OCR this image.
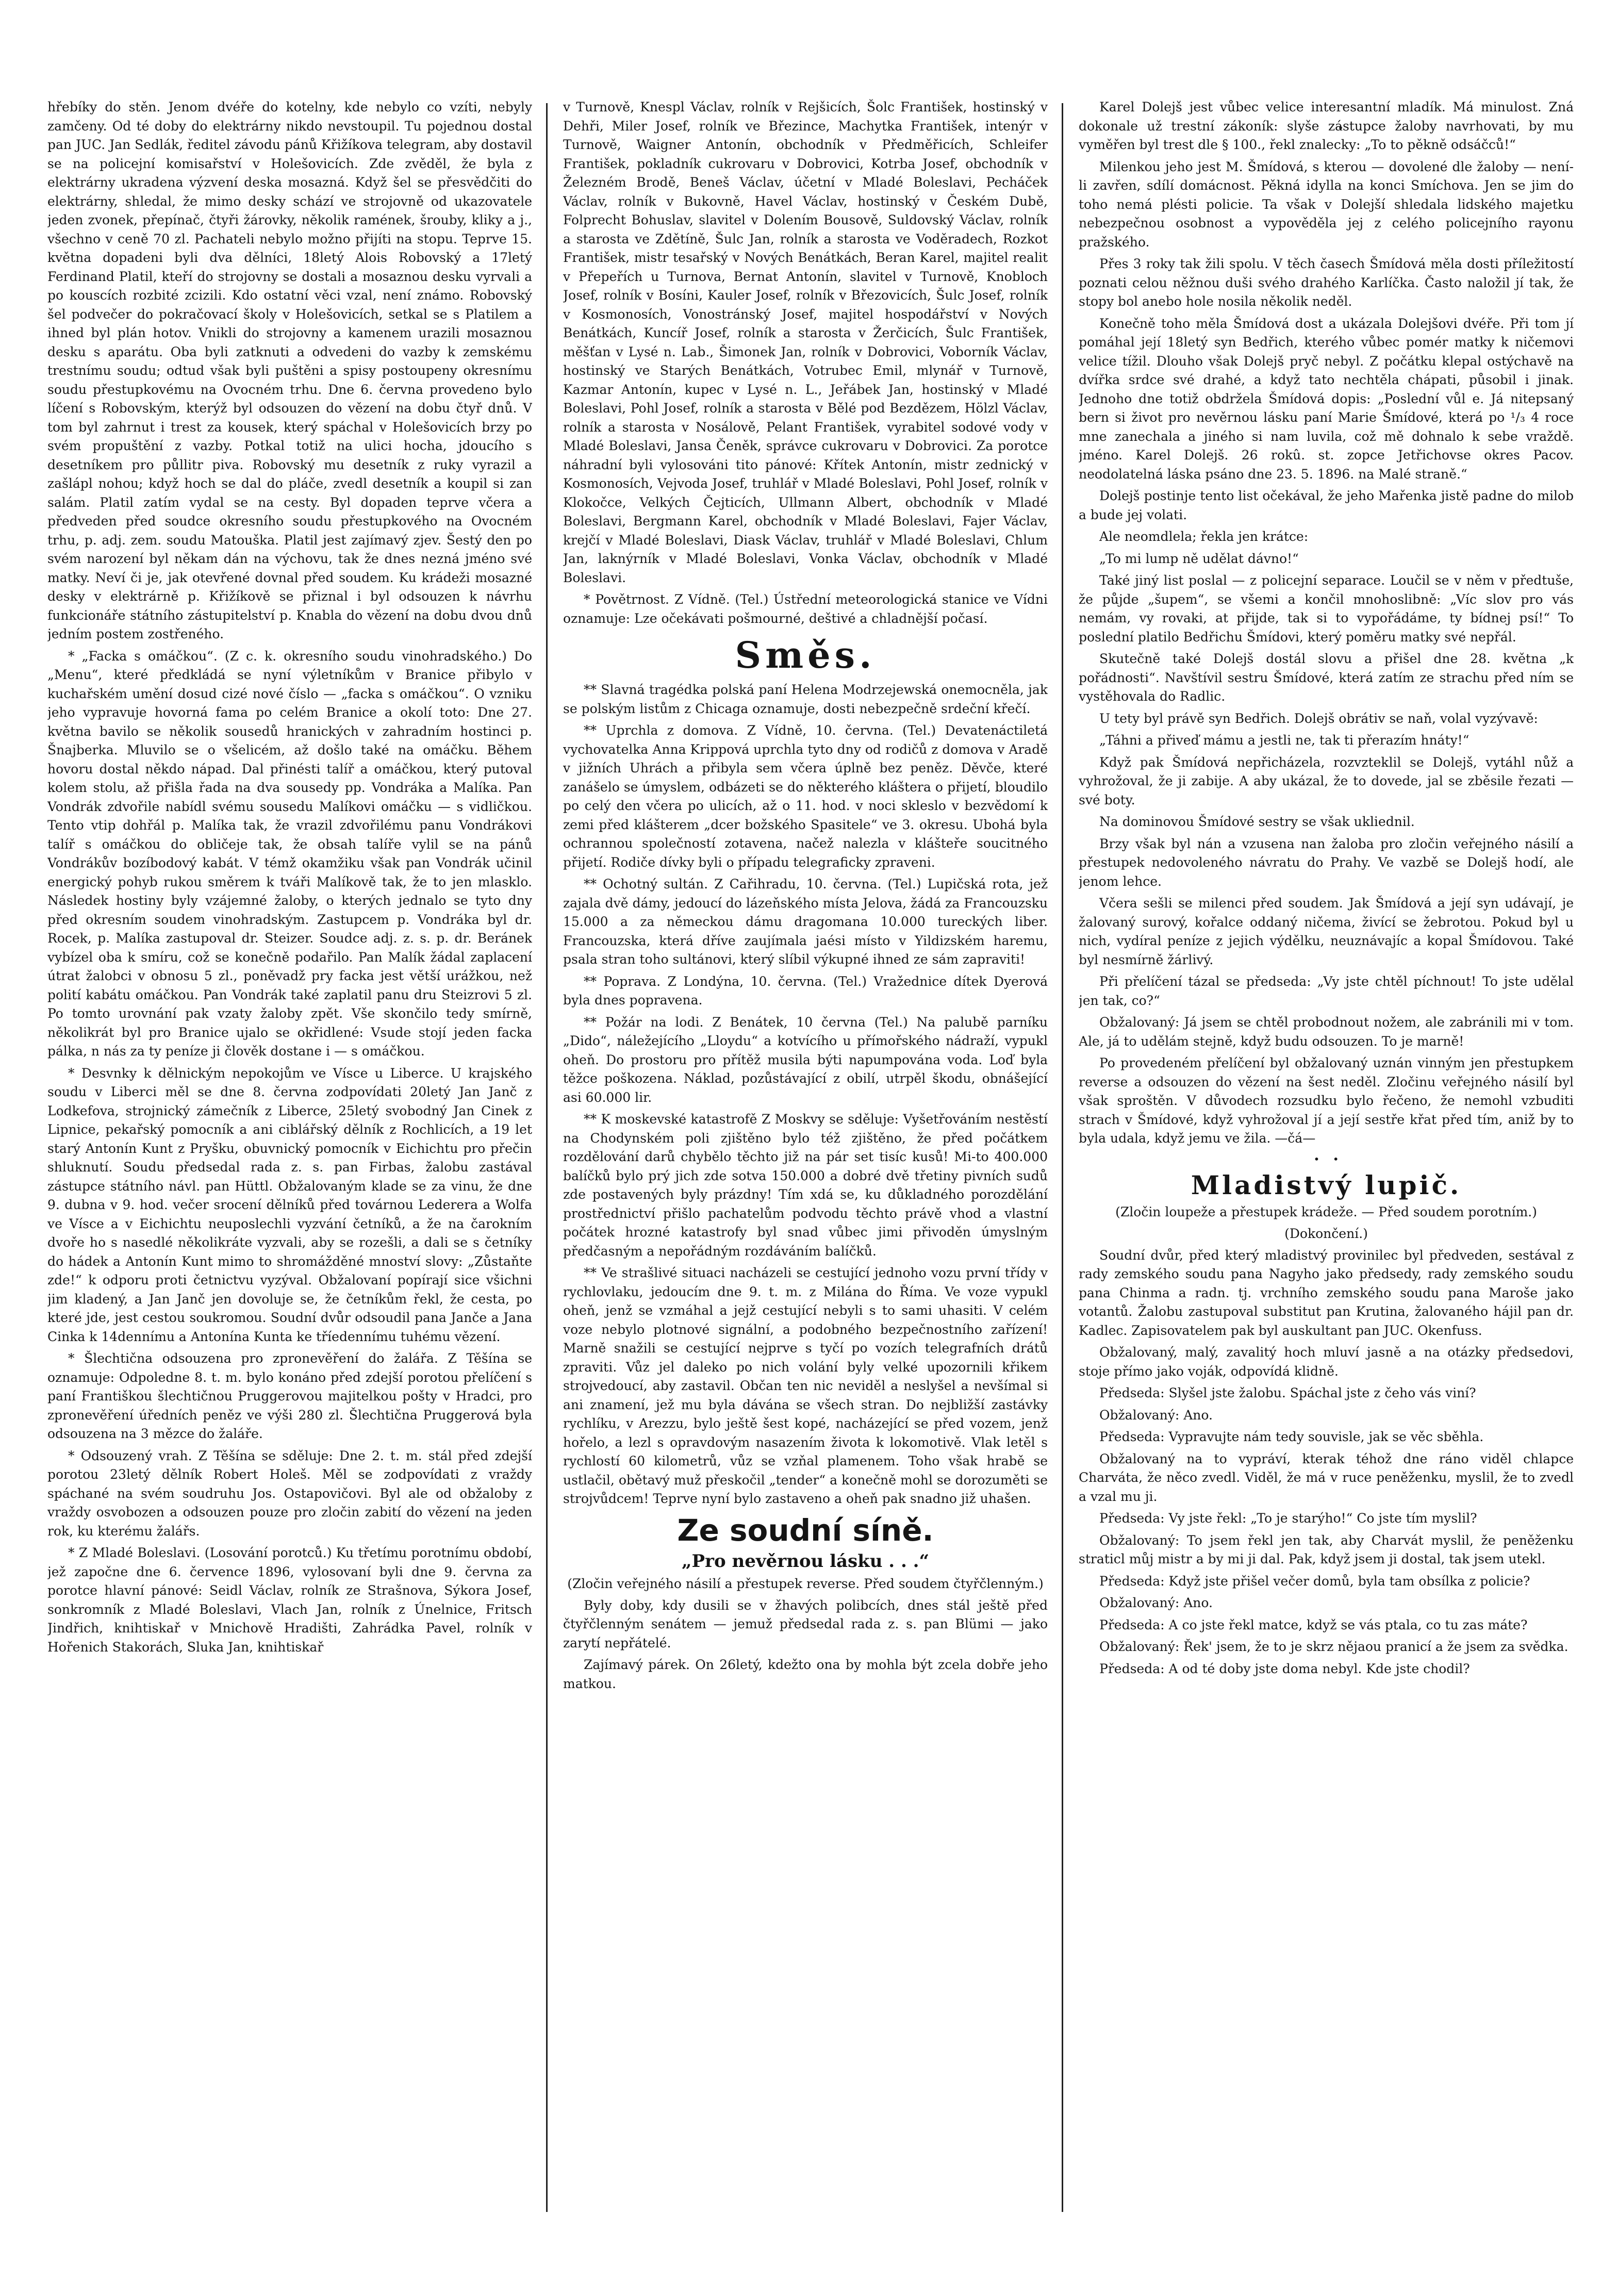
hřebíky do stěn. Jenom dvéře do kotelny, kde nebylo co vzíti, nebyly zamčeny. Od té doby do elektrárny nikdo nevstoupil. Tu pojednou dostal pan JUC. Jan Sedlák, ředitel závodu pánů Křižíkova telegram, aby dostavil se na policejní komisařství v Holešovicích. Zde zvěděl, že byla z elektrárny ukradena výzvení deska mosazná. Když šel se přesvědčiti do elektrárny, shledal, že mimo desky schází ve strojovně od ukazovatele jeden zvonek, přepínač, čtyři žárovky, několik ramének, šrouby, kliky a j., všechno v ceně 70 zl. Pachateli nebylo možno přijíti na stopu. Teprve 15. května dopadeni byli dva dělníci, 18letý Alois Robovský a 17letý Ferdinand Platil, kteří do strojovny se dostali a mosaznou desku vyrvali a po kouscích rozbité zcizili. Kdo ostatní věci vzal, není známo. Robovský šel podvečer do pokračovací školy v Holešovicích, setkal se s Platilem a ihned byl plán hotov. Vnikli do strojovny a kamenem urazili mosaznou desku s aparátu. Oba byli zatknuti a odvedeni do vazby k zemskému trestnímu soudu; odtud však byli puštěni a spisy postoupeny okresnímu soudu přestupkovému na Ovocném trhu. Dne 6. června provedeno bylo líčení s Robovským, kterýž byl odsouzen do vězení na dobu čtyř dnů. V tom byl zahrnut i trest za kousek, který spáchal v Holešovicích brzy po svém propuštění z vazby. Potkal totiž na ulici hocha, jdoucího s desetníkem pro půllitr piva. Robovský mu desetník z ruky vyrazil a zašlápl nohou; když hoch se dal do pláče, zvedl desetník a koupil si zan salám. Platil zatím vydal se na cesty. Byl dopaden teprve včera a předveden před soudce okresního soudu přestupkového na Ovocném trhu, p. adj. zem. soudu Matouška. Platil jest zajímavý zjev. Šestý den po svém narození byl někam dán na výchovu, tak že dnes nezná jméno své matky. Neví či je, jak otevřené dovnal před soudem. Ku krádeži mosazné desky v elektrárně p. Křižíkově se přiznal i byl odsouzen k návrhu funkcionáře státního zástupitelství p. Knabla do vězení na dobu dvou dnů jedním postem zostřeného.

* „Facka s omáčkou“. (Z c. k. okresního soudu vinohradského.) Do „Menu“, které předkládá se nyní výletníkům v Branice přibylo v kuchařském umění dosud cizé nové číslo — „facka s omáčkou“. O vzniku jeho vypravuje hovorná fama po celém Branice a okolí toto: Dne 27. května bavilo se několik sousedů hranických v zahradním hostinci p. Šnajberka. Mluvilo se o všelicém, až došlo také na omáčku. Během hovoru dostal někdo nápad. Dal přinésti talíř a omáčkou, který putoval kolem stolu, až přišla řada na dva sousedy pp. Vondráka a Malíka. Pan Vondrák zdvořile nabídl svému sousedu Malíkovi omáčku — s vidličkou. Tento vtip dohřál p. Malíka tak, že vrazil zdvořilému panu Vondrákovi talíř s omáčkou do obličeje tak, že obsah talíře vylil se na pánů Vondrákův bozíbodový kabát. V témž okamžiku však pan Vondrák učinil energický pohyb rukou směrem k tváři Malíkově tak, že to jen mlasklo. Následek hostiny byly vzájemné žaloby, o kterých jednalo se tyto dny před okresním soudem vinohradským. Zastupcem p. Vondráka byl dr. Rocek, p. Malíka zastupoval dr. Steizer. Soudce adj. z. s. p. dr. Beránek vybízel oba k smíru, což se konečně podařilo. Pan Malík žádal zaplacení útrat žalobci v obnosu 5 zl., poněvadž pry facka jest větší urážkou, než polití kabátu omáčkou. Pan Vondrák také zaplatil panu dru Steizrovi 5 zl. Po tomto urovnání pak vzaty žaloby zpět. Vše skončilo tedy smírně, několikrát byl pro Branice ujalo se okřidlené: Vsude stojí jeden facka pálka, n nás za ty peníze ji člověk dostane i — s omáčkou.

* Desvnky k dělnickým nepokojům ve Vísce u Liberce. U krajského soudu v Liberci měl se dne 8. června zodpovídati 20letý Jan Janč z Lodkefova, strojnický zámečník z Liberce, 25letý svobodný Jan Cinek z Lipnice, pekařský pomocník a ani ciblářský dělník z Rochlicích, a 19 let starý Antonín Kunt z Pryšku, obuvnický pomocník v Eichichtu pro přečin shluknutí. Soudu předsedal rada z. s. pan Firbas, žalobu zastával zástupce státního návl. pan Hüttl. Obžalovaným klade se za vinu, že dne 9. dubna v 9. hod. večer srocení dělníků před továrnou Lederera a Wolfa ve Vísce a v Eichichtu neuposlechli vyzvání četníků, a že na čarokním dvoře ho s nasedlé několikráte vyzvali, aby se rozešli, a dali se s četníky do hádek a Antonín Kunt mimo to shromážděné mnoství slovy: „Zůstaňte zde!“ k odporu proti četnictvu vyzýval. Obžalovaní popírají sice všichni jim kladený, a Jan Janč jen dovoluje se, že četníkům řekl, že cesta, po které jde, jest cestou soukromou. Soudní dvůr odsoudil pana Janče a Jana Cinka k 14dennímu a Antonína Kunta ke tříedennímu tuhému vězení.

* Šlechtična odsouzena pro zpronevěření do žalářa. Z Těšína se oznamuje: Odpoledne 8. t. m. bylo konáno před zdejší porotou přelíčení s paní Františkou šlechtičnou Pruggerovou majitelkou pošty v Hradci, pro zpronevěření úředních peněz ve výši 280 zl. Šlechtična Pruggerová byla odsouzena na 3 mězce do žaláře.

* Odsouzený vrah. Z Těšína se sděluje: Dne 2. t. m. stál před zdejší porotou 23letý dělník Robert Holeš. Měl se zodpovídati z vraždy spáchané na svém soudruhu Jos. Ostapovičovi. Byl ale od obžaloby z vraždy osvobozen a odsouzen pouze pro zločin zabití do vězení na jeden rok, ku kterému žalářs.

* Z Mladé Boleslavi. (Losování porotců.) Ku třetímu porotnímu období, jež započne dne 6. července 1896, vylosovaní byli dne 9. června za porotce hlavní pánové: Seidl Václav, rolník ze Strašnova, Sýkora Josef, sonkromník z Mladé Boleslavi, Vlach Jan, rolník z Únelnice, Fritsch Jindřich, knihtiskař v Mnichově Hradišti, Zahrádka Pavel, rolník v Hořenich Stakorách, Sluka Jan, knihtiskař

v Turnově, Knespl Václav, rolník v Rejšicích, Šolc František, hostinský v Dehři, Miler Josef, rolník ve Březince, Machytka František, intenýr v Turnově, Waigner Antonín, obchodník v Předměřicích, Schleifer František, pokladník cukrovaru v Dobrovici, Kotrba Josef, obchodník v Železném Brodě, Beneš Václav, účetní v Mladé Boleslavi, Pecháček Václav, rolník v Bukovně, Havel Václav, hostinský v Českém Dubě, Folprecht Bohuslav, slavitel v Dolením Bousově, Suldovský Václav, rolník a starosta ve Zdětíně, Šulc Jan, rolník a starosta ve Voděradech, Rozkot František, mistr tesařský v Nových Benátkách, Beran Karel, majitel realit v Přepeřích u Turnova, Bernat Antonín, slavitel v Turnově, Knobloch Josef, rolník v Bosíni, Kauler Josef, rolník v Březovicích, Šulc Josef, rolník v Kosmonosích, Vonostránský Josef, majitel hospodářství v Nových Benátkách, Kuncíř Josef, rolník a starosta v Žerčicích, Šulc František, měšťan v Lysé n. Lab., Šimonek Jan, rolník v Dobrovici, Voborník Václav, hostinský ve Starých Benátkách, Votrubec Emil, mlynář v Turnově, Kazmar Antonín, kupec v Lysé n. L., Jeřábek Jan, hostinský v Mladé Boleslavi, Pohl Josef, rolník a starosta v Bělé pod Bezdězem, Hölzl Václav, rolník a starosta v Nosálově, Pelant František, vyrabitel sodové vody v Mladé Boleslavi, Jansa Čeněk, správce cukrovaru v Dobrovici. Za porotce náhradní byli vylosováni tito pánové: Křítek Antonín, mistr zednický v Kosmonosích, Vejvoda Josef, truhlář v Mladé Boleslavi, Pohl Josef, rolník v Klokočce, Velkých Čejticích, Ullmann Albert, obchodník v Mladé Boleslavi, Bergmann Karel, obchodník v Mladé Boleslavi, Fajer Václav, krejčí v Mladé Boleslavi, Diask Václav, truhlář v Mladé Boleslavi, Chlum Jan, laknýrník v Mladé Boleslavi, Vonka Václav, obchodník v Mladé Boleslavi.

* Povětrnost. Z Vídně. (Tel.) Ústřední meteorologická stanice ve Vídni oznamuje: Lze očekávati pošmourné, deštivé a chladnější počasí.

Směs.

** Slavná tragédka polská paní Helena Modrzejewská onemocněla, jak se polským listům z Chicaga oznamuje, dosti nebezpečně srdeční křečí.

** Uprchla z domova. Z Vídně, 10. června. (Tel.) Devatenáctiletá vychovatelka Anna Krippová uprchla tyto dny od rodičů z domova v Aradě v jižních Uhrách a přibyla sem včera úplně bez peněz. Děvče, které zanášelo se úmyslem, odbázeti se do některého kláštera o přijetí, bloudilo po celý den včera po ulicích, až o 11. hod. v noci skleslo v bezvědomí k zemi před klášterem „dcer božského Spasitele“ ve 3. okresu. Ubohá byla ochrannou společností zotavena, načež nalezla v klášteře soucitného přijetí. Rodiče dívky byli o případu telegraficky zpraveni.

** Ochotný sultán. Z Cařihradu, 10. června. (Tel.) Lupičská rota, jež zajala dvě dámy, jedoucí do lázeňského místa Jelova, žádá za Francouzsku 15.000 a za německou dámu dragomana 10.000 tureckých liber. Francouzska, která dříve zaujímala jaési místo v Yildizském haremu, psala stran toho sultánovi, který slíbil výkupné ihned ze sám zapraviti!

** Popravа. Z Londýna, 10. června. (Tel.) Vražednice dítek Dyerová byla dnes popravena.

** Požár na lodi. Z Benátek, 10 června (Tel.) Na palubě parníku „Dido“, náležejícího „Lloydu“ a kotvícího u přímořského nádraží, vypukl oheň. Do prostoru pro přítěž musila býti napumpována voda. Loď byla těžce poškozena. Náklad, pozůstávající z obilí, utrpěl škodu, obnášející asi 60.000 lir.

** K moskevské katastrofě Z Moskvy se sděluje: Vyšetřováním nestěstí na Chodynském poli zjištěno bylo též zjištěno, že před počátkem rozdělování darů chybělo těchto již na pár set tisíc kusů! Mi-to 400.000 balíčků bylo prý jich zde sotva 150.000 a dobré dvě třetiny pivních sudů zde postavených byly prázdny! Tím xdá se, ku důkladného porozdělání prostřednictví přišlo pachatelům podvodu těchto právě vhod a vlastní počátek hrozné katastrofy byl snad vůbec jimi přivoděn úmyslným předčasným a nepořádným rozdáváním balíčků.

** Ve strašlivé situaci nacházeli se cestující jednoho vozu první třídy v rychlovlaku, jedoucím dne 9. t. m. z Milána do Říma. Ve voze vypukl oheň, jenž se vzmáhal a jejž cestující nebyli s to sami uhasiti. V celém voze nebylo plotnové signální, a podobného bezpečnostního zařízení! Marně snažili se cestující nejprve s tyčí po vozích telegrafních drátů zpraviti. Vůz jel daleko po nich volání byly velké upozornili křikem strojvedoucí, aby zastavil. Občan ten nic neviděl a neslyšel a nevšímal si ani znamení, jež mu byla dávána se všech stran. Do nejbližší zastávky rychlíku, v Arezzu, bylo ještě šest kopé, nacházející se před vozem, jenž hořelo, a lezl s opravdovým nasazením života k lokomotivě. Vlak letěl s rychlostí 60 kilometrů, vůz se vzňal plamenem. Toho však hrabě se ustlačil, obětavý muž přeskočil „tender“ a konečně mohl se dorozuměti se strojvůdcem! Teprve nyní bylo zastaveno a oheň pak snadno již uhašen.

Ze soudní síně.
„Pro nevěrnou lásku . . .“
(Zločin veřejného násilí a přestupek reverse. Před soudem čtyřčlenným.)

Byly doby, kdy dusili se v žhavých polibcích, dnes stál ještě před čtyřčlenným senátem — jemuž předsedal rada z. s. pan Blümi — jako zarytí nepřátelé.

Zajímavý párek. On 26letý, kdežto ona by mohla být zcela dobře jeho matkou.

Karel Dolejš jest vůbec velice interesantní mladík. Má minulost. Zná dokonale už trestní zákoník: slyše zástupce žaloby navrhovati, by mu vyměřen byl trest dle § 100., řekl znalecky: „To to pěkně odsáčců!“

Milenkou jeho jest M. Šmídová, s kterou — dovolené dle žaloby — není-li zavřen, sdílí domácnost. Pěkná idylla na konci Smíchova. Jen se jim do toho nemá plésti policie. Ta však v Dolejší shledala lidského majetku nebezpečnou osobnost a vypověděla jej z celého policejního rayonu pražského.

Přes 3 roky tak žili spolu. V těch časech Šmídová měla dosti příležitostí poznati celou něžnou duši svého drahého Karlíčka. Často naložil jí tak, že stopy bol anebo hole nosila několik neděl.

Konečně toho měla Šmídová dost a ukázala Dolejšovi dvéře. Při tom jí pomáhal její 18letý syn Bedřich, kterého vůbec pomér matky k ničemovi velice tížil. Dlouho však Dolejš pryč nebyl. Z počátku klepal ostýchavě na dvířka srdce své drahé, a když tato nechtěla chápati, působil i jinak. Jednoho dne totiž obdržela Šmídová dopis: „Poslední vůl e. Já nitepsaný bern si život pro nevěrnou lásku paní Marie Šmídové, která po ¹/₃ 4 roce mne zanechala a jiného si nam luvila, což mě dohnalo k sebe vraždě. jméno. Karel Dolejš. 26 rokû. st. zopce Jetřichovse okres Pacov. neodolatelná láska psáno dne 23. 5. 1896. na Malé straně.“

Dolejš postinje tento list očekával, že jeho Mařenka jistě padne do milob a bude jej volati.

Ale neomdlela; řekla jen krátce:

„To mi lump ně udělat dávno!“

Také jiný list poslal — z policejní separace. Loučil se v něm v předtuše, že půjde „šupem“, se všemi a končil mnohoslibně: „Víc slov pro vás nemám, vy rovaki, at přijde, tak si to vypořádáme, ty bídnej psí!“ To poslední platilo Bedřichu Šmídovi, který poměru matky své nepřál.

Skutečně také Dolejš dostál slovu a přišel dne 28. května „k pořádnosti“. Navštívil sestru Šmídové, která zatím ze strachu před ním se vystěhovala do Radlic.

U tety byl právě syn Bedřich. Dolejš obrátiv se naň, volal vyzývavě:

„Táhni a přiveď mámu a jestli ne, tak ti přerazím hnáty!“

Když pak Šmídová nepřicházela, rozvzteklil se Dolejš, vytáhl nůž a vyhrožoval, že ji zabije. A aby ukázal, že to dovede, jal se zběsile řezati — své boty.

Na dominovou Šmídové sestry se však ukliednil.

Brzy však byl nán a vzusena nan žaloba pro zločin veřejného násilí a přestupek nedovoleného návratu do Prahy. Ve vazbě se Dolejš hodí, ale jenom lehce.

Včera sešli se milenci před soudem. Jak Šmídová a její syn udávají, je žalovaný surový, kořalce oddaný ničema, živící se žebrotou. Pokud byl u nich, vydíral peníze z jejich výdělku, neuznávajíc a kopal Šmídovou. Také byl nesmírně žárlivý.

Při přelíčení tázal se předseda: „Vy jste chtěl píchnout! To jste udělal jen tak, co?“

Obžalovaný: Já jsem se chtěl probodnout nožem, ale zabránili mi v tom. Ale, já to udělám stejně, když budu odsouzen. To je marně!

Po provedeném přelíčení byl obžalovaný uznán vinným jen přestupkem reverse a odsouzen do vězení na šest neděl. Zločinu veřejného násilí byl však sproštěn. V důvodech rozsudku bylo řečeno, že nemohl vzbuditi strach v Šmídové, když vyhrožoval jí a její sestře křat před tím, aniž by to byla udala, když jemu ve žila. —čá—

•    •
Mladistvý lupič.
(Zločin loupeže a přestupek krádeže. — Před soudem porotním.)
(Dokončení.)

Soudní dvůr, před který mladistvý provinilec byl předveden, sestával z rady zemského soudu pana Nagyho jako předsedy, rady zemského soudu pana Chinma a radn. tj. vrchního zemského soudu pana Maroše jako votantů. Žalobu zastupoval substitut pan Krutina, žalovaného hájil pan dr. Kadlec. Zapisovatelem pak byl auskultant pan JUC. Okenfuss.

Obžalovaný, malý, zavalitý hoch mluví jasně a na otázky předsedovi, stoje přímo jako voják, odpovídá klidně.

Předseda: Slyšel jste žalobu. Spáchal jste z čeho vás viní?

Obžalovaný: Ano.

Předseda: Vypravujte nám tedy souvisle, jak se věc sběhla.

Obžalovaný na to vypráví, kterak téhož dne ráno viděl chlapce Charváta, že něco zvedl. Viděl, že má v ruce peněženku, myslil, že to zvedl a vzal mu ji.

Předseda: Vy jste řekl: „To je starýho!“ Co jste tím myslil?

Obžalovaný: To jsem řekl jen tak, aby Charvát myslil, že peněženku straticl můj mistr a by mi ji dal. Pak, když jsem ji dostal, tak jsem utekl.

Předseda: Když jste přišel večer domů, byla tam obsílka z policie?

Obžalovaný: Ano.

Předseda: A co jste řekl matce, když se vás ptala, co tu zas máte?

Obžalovaný: Řek' jsem, že to je skrz nějaou pranicí a že jsem za svědka.

Předseda: A od té doby jste doma nebyl. Kde jste chodil?
